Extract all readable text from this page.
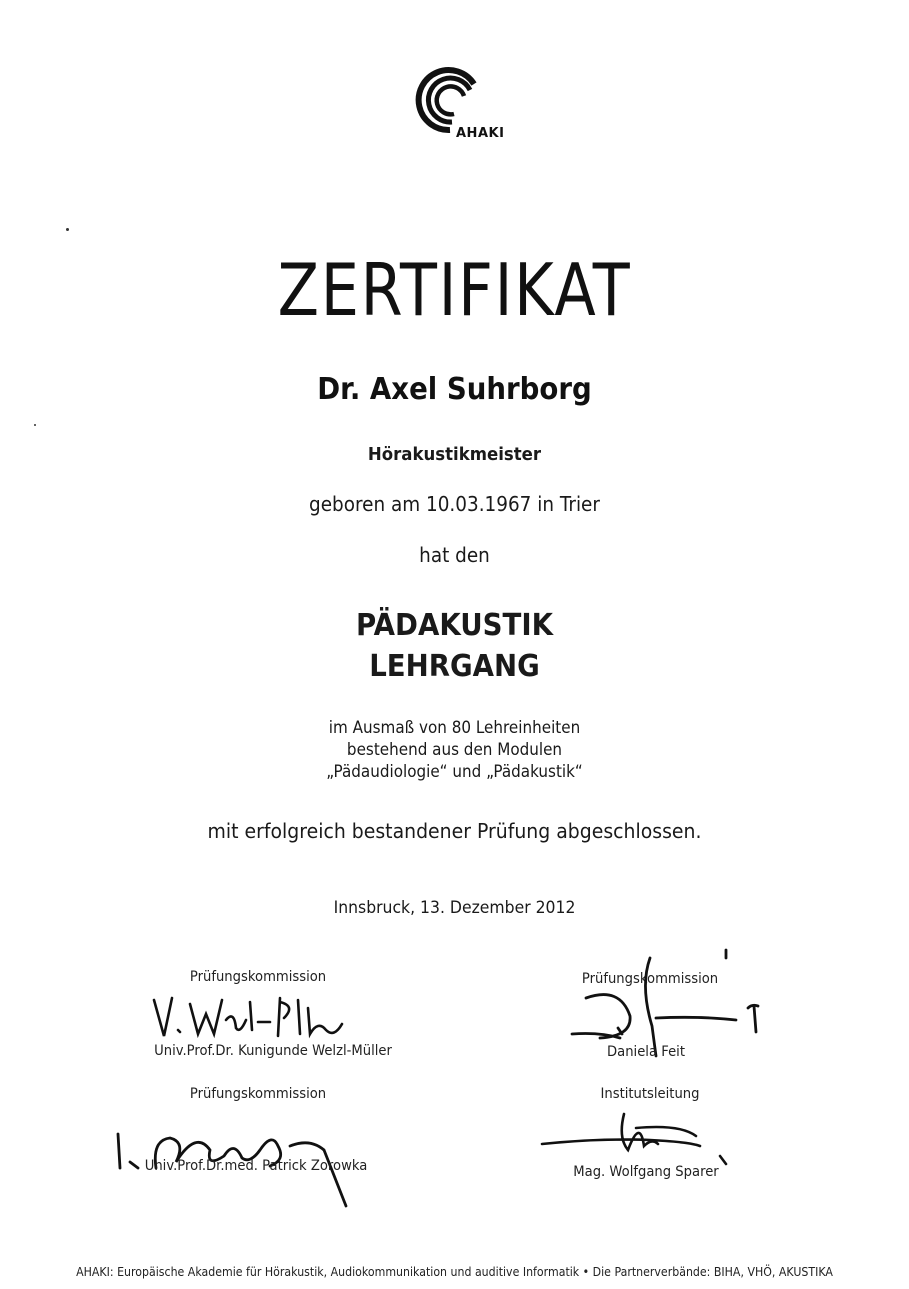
AHAKI
ZERTIFIKAT
Dr. Axel Suhrborg
Hörakustikmeister
geboren am 10.03.1967 in Trier
hat den
PÄDAKUSTIK
LEHRGANG
im Ausmaß von 80 Lehreinheiten
bestehend aus den Modulen
„Pädaudiologie“ und „Pädakustik“
mit erfolgreich bestandener Prüfung abgeschlossen.
Innsbruck, 13. Dezember 2012
Prüfungskommission
Univ.Prof.Dr. Kunigunde Welzl-Müller
Prüfungskommission
Daniela Feit
Prüfungskommission
Univ.Prof.Dr.med. Patrick Zorowka
Institutsleitung
Mag. Wolfgang Sparer
AHAKI: Europäische Akademie für Hörakustik, Audiokommunikation und auditive Informatik • Die Partnerverbände: BIHA, VHÖ, AKUSTIKA
